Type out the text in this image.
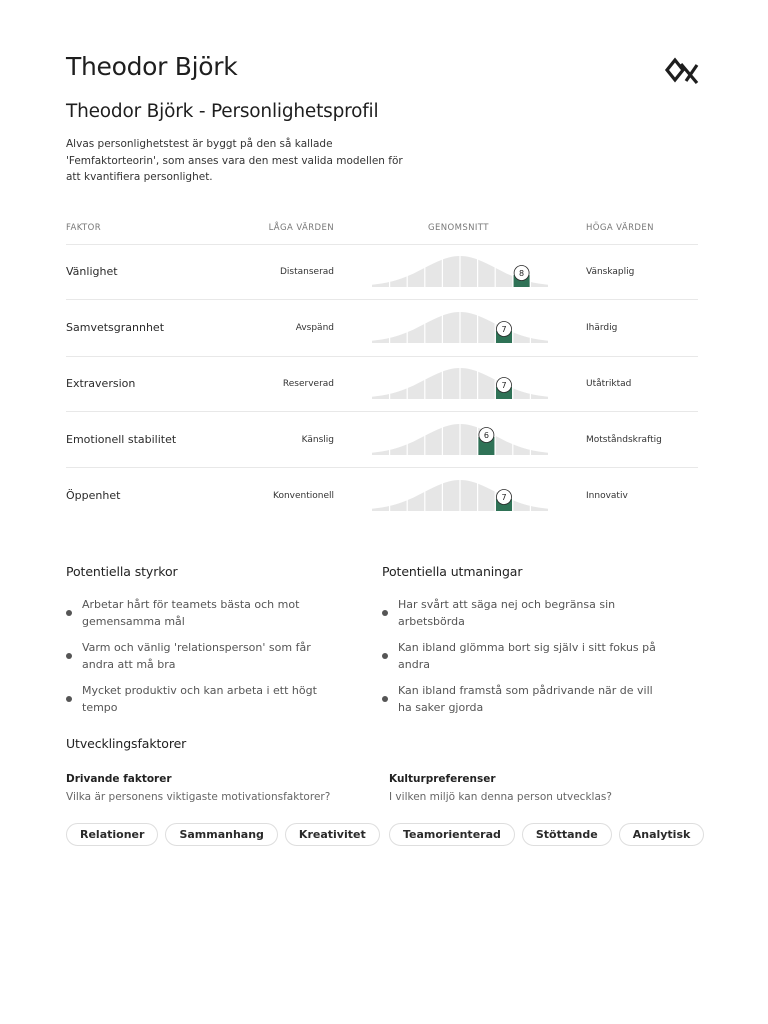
Theodor Björk
Theodor Björk - Personlighetsprofil
Alvas personlighetstest är byggt på den så kallade 'Femfaktorteorin', som anses vara den mest valida modellen för att kvantifiera personlighet.
FAKTOR	LÅGA VÄRDEN	GENOMSNITT	HÖGA VÄRDEN
Vänlighet	Distanserad	8	Vänskaplig
Samvetsgrannhet	Avspänd	7	Ihärdig
Extraversion	Reserverad	7	Utåtriktad
Emotionell stabilitet	Känslig	6	Motståndskraftig
Öppenhet	Konventionell	7	Innovativ
Potentiella styrkor
Arbetar hårt för teamets bästa och mot gemensamma mål
Varm och vänlig 'relationsperson' som får andra att må bra
Mycket produktiv och kan arbeta i ett högt tempo
Potentiella utmaningar
Har svårt att säga nej och begränsa sin arbetsbörda
Kan ibland glömma bort sig själv i sitt fokus på andra
Kan ibland framstå som pådrivande när de vill ha saker gjorda
Utvecklingsfaktorer
Drivande faktorer
Vilka är personens viktigaste motivationsfaktorer?
Relationer	Sammanhang	Kreativitet
Kulturpreferenser
I vilken miljö kan denna person utvecklas?
Teamorienterad	Stöttande	Analytisk
